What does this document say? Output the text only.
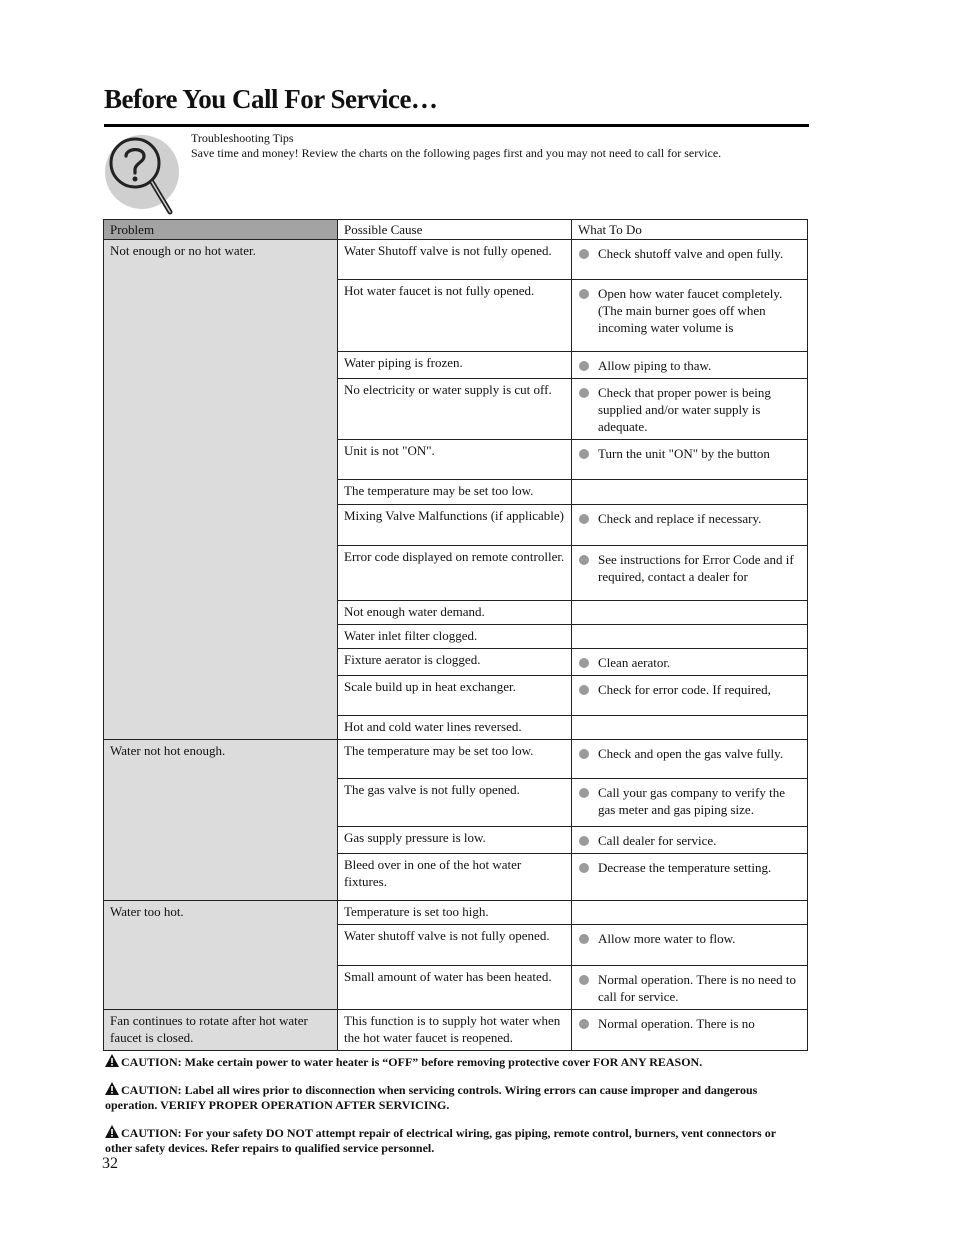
Before You Call For Service…
Troubleshooting Tips
Save time and money! Review the charts on the following pages first and you may not need to call for service.
Problem	Possible Cause	What To Do
Not enough or no hot water.	Water Shutoff valve is not fully opened.	Check shutoff valve and open fully.

	Hot water faucet is not fully opened.	Open how water faucet completely. (The main burner goes off when incoming water volume is

	Water piping is frozen.	Allow piping to thaw.

	No electricity or water supply is cut off.	Check that proper power is being supplied and/or water supply is adequate.

	Unit is not "ON".	Turn the unit "ON" by the button

	The temperature may be set too low.	
	Mixing Valve Malfunctions (if applicable)	Check and replace if necessary.

	Error code displayed on remote controller.	See instructions for Error Code and if required, contact a dealer for

	Not enough water demand.	
	Water inlet filter clogged.	
	Fixture aerator is clogged.	Clean aerator.

	Scale build up in heat exchanger.	Check for error code. If required,

	Hot and cold water lines reversed.	
Water not hot enough.	The temperature may be set too low.	Check and open the gas valve fully.

	The gas valve is not fully opened.	Call your gas company to verify the gas meter and gas piping size.

	Gas supply pressure is low.	Call dealer for service.

	Bleed over in one of the hot water fixtures.	Decrease the temperature setting.

Water too hot.	Temperature is set too high.	
	Water shutoff valve is not fully opened.	Allow more water to flow.

	Small amount of water has been heated.	Normal operation. There is no need to call for service.

Fan continues to rotate after hot water faucet is closed.	This function is to supply hot water when the hot water faucet is reopened.	Normal operation. There is no
CAUTION: Make certain power to water heater is “OFF” before removing protective cover FOR ANY REASON.
CAUTION: Label all wires prior to disconnection when servicing controls. Wiring errors can cause improper and dangerous operation. VERIFY PROPER OPERATION AFTER SERVICING.
CAUTION: For your safety DO NOT attempt repair of electrical wiring, gas piping, remote control, burners, vent connectors or other safety devices. Refer repairs to qualified service personnel.
32
